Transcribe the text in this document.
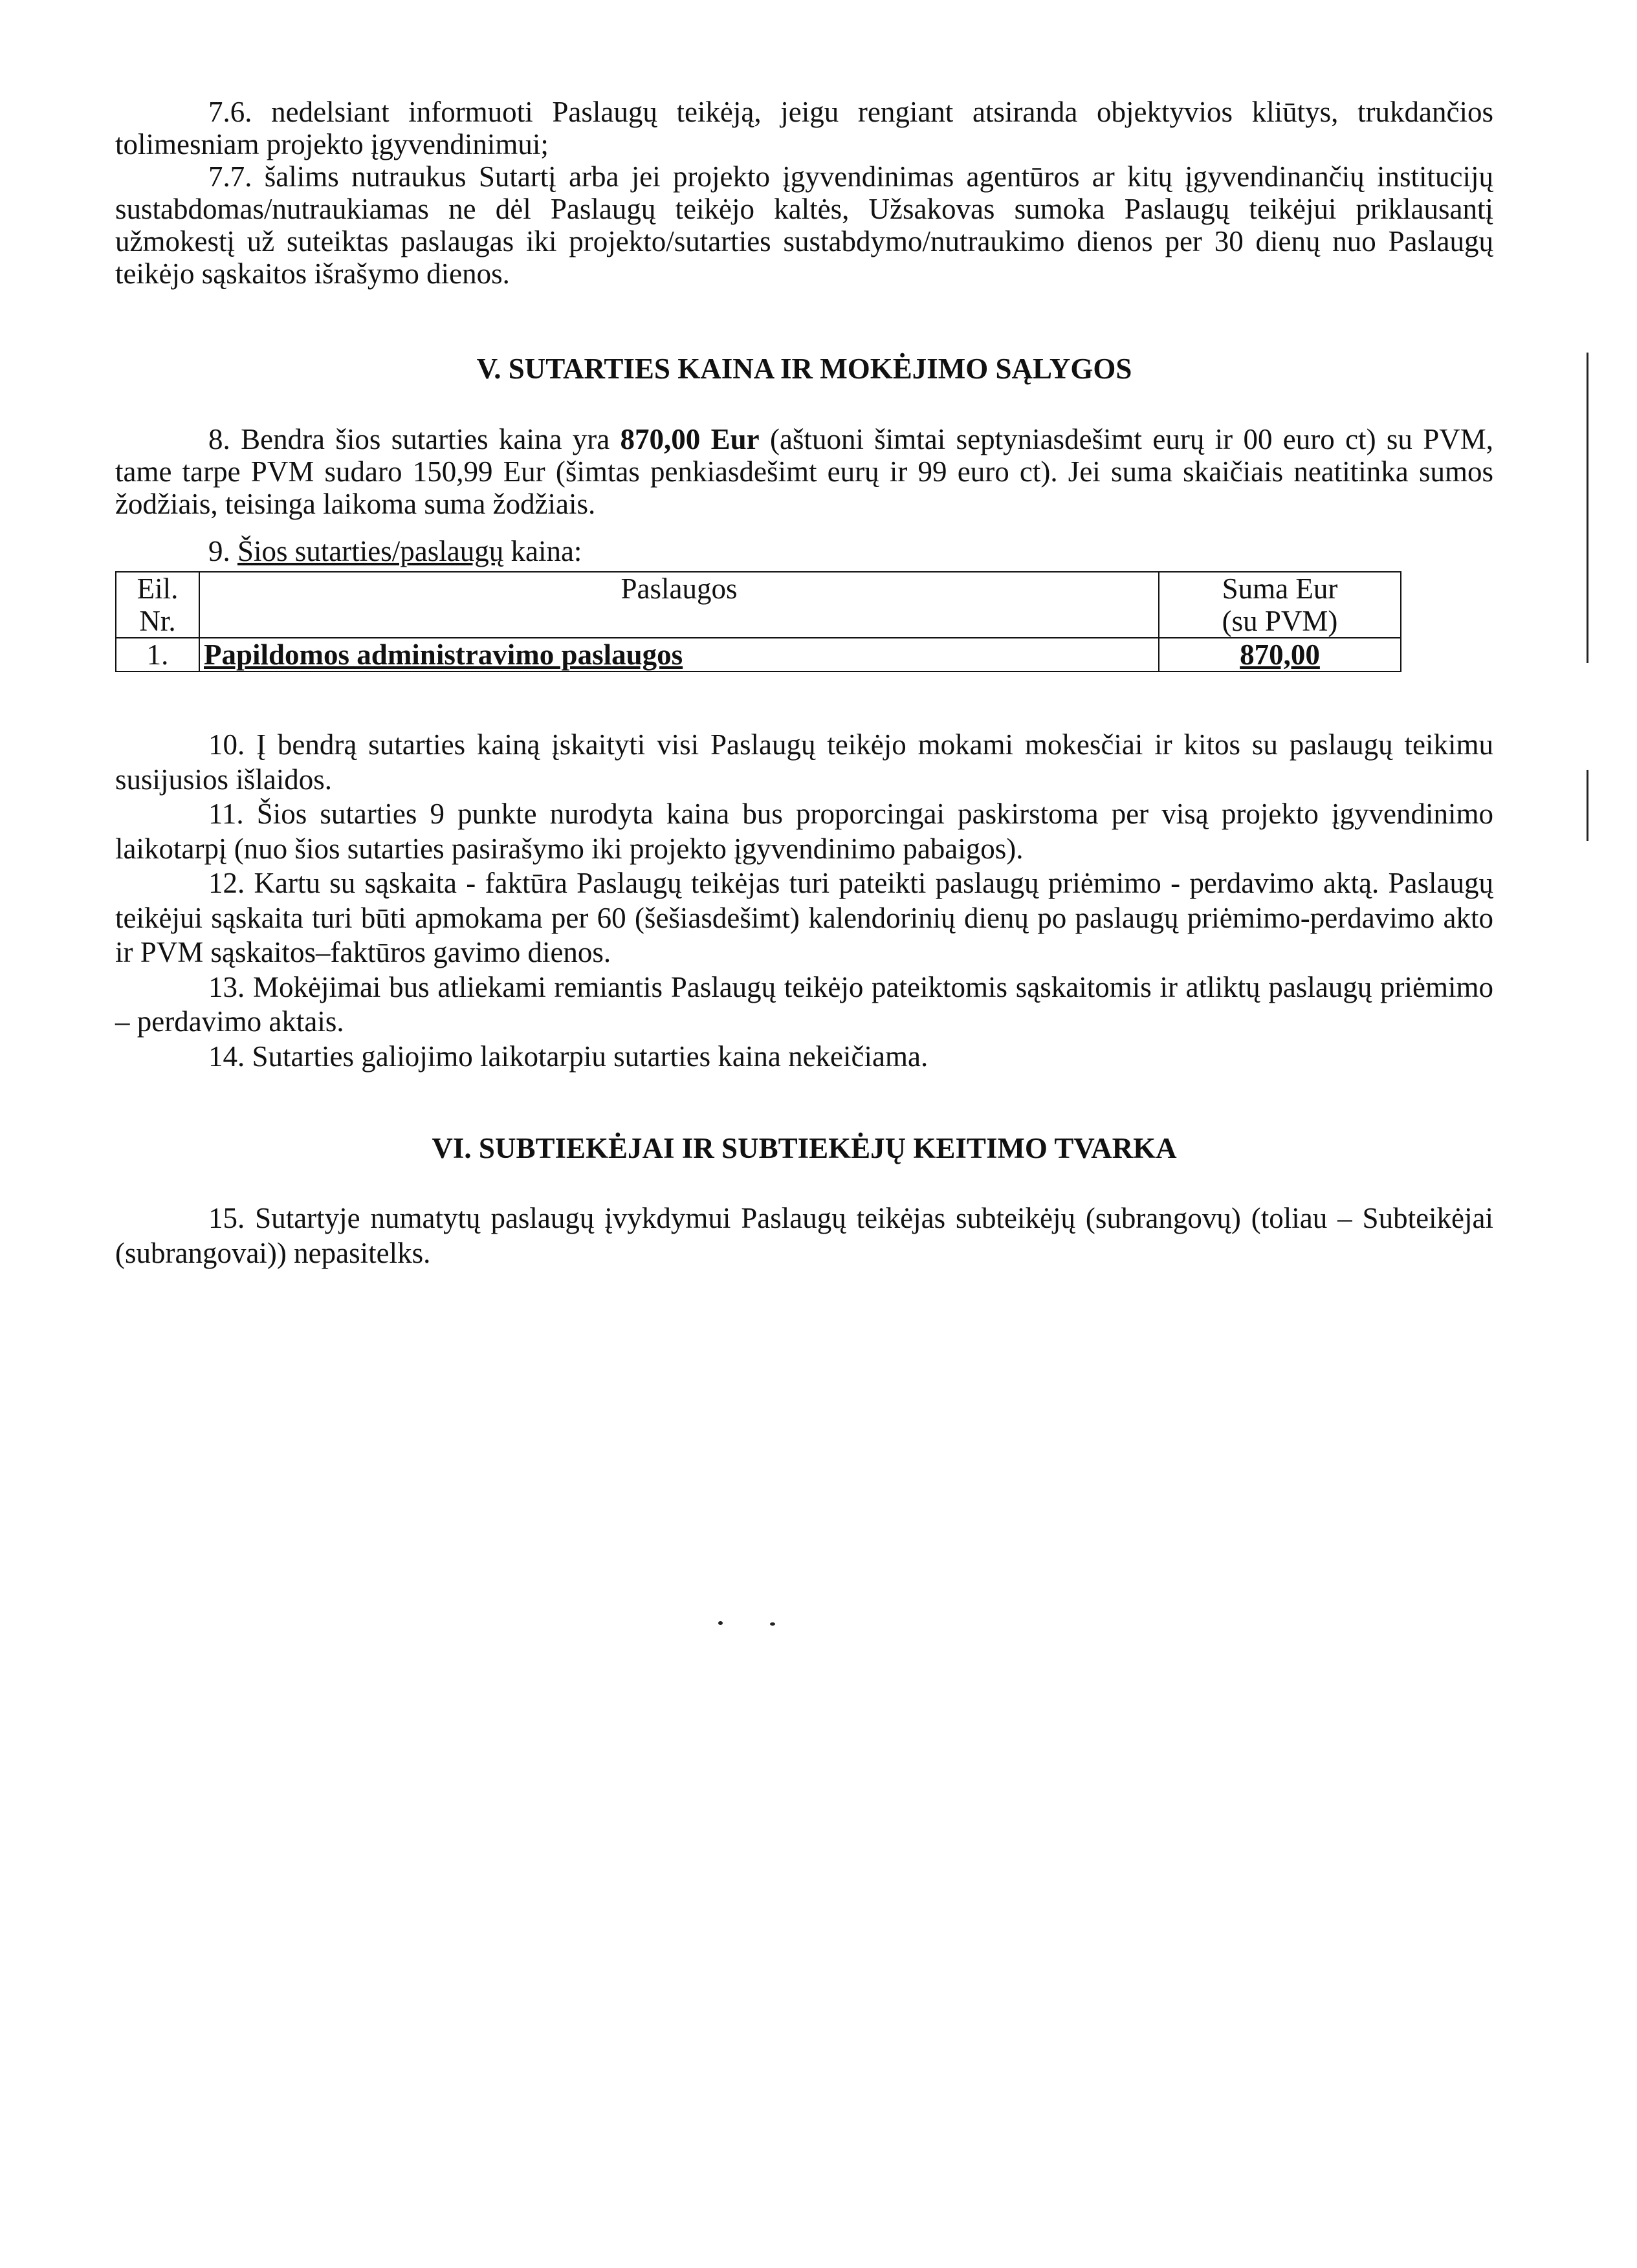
7.6. nedelsiant informuoti Paslaugų teikėją, jeigu rengiant atsiranda objektyvios kliūtys, trukdančios tolimesniam projekto įgyvendinimui;

7.7. šalims nutraukus Sutartį arba jei projekto įgyvendinimas agentūros ar kitų įgyvendinančių institucijų sustabdomas/nutraukiamas ne dėl Paslaugų teikėjo kaltės, Užsakovas sumoka Paslaugų teikėjui priklausantį užmokestį už suteiktas paslaugas iki projekto/sutarties sustabdymo/nutraukimo dienos per 30 dienų nuo Paslaugų teikėjo sąskaitos išrašymo dienos.

V. SUTARTIES KAINA IR MOKĖJIMO SĄLYGOS

8. Bendra šios sutarties kaina yra 870,00 Eur (aštuoni šimtai septyniasdešimt eurų ir 00 euro ct) su PVM, tame tarpe PVM sudaro 150,99 Eur (šimtas penkiasdešimt eurų ir 99 euro ct). Jei suma skaičiais neatitinka sumos žodžiais, teisinga laikoma suma žodžiais.

9. Šios sutarties/paslaugų kaina:

Eil.
Nr.	Paslaugos	Suma Eur
(su PVM)
1.	Papildomos administravimo paslaugos	870,00

10. Į bendrą sutarties kainą įskaityti visi Paslaugų teikėjo mokami mokesčiai ir kitos su paslaugų teikimu susijusios išlaidos.

11. Šios sutarties 9 punkte nurodyta kaina bus proporcingai paskirstoma per visą projekto įgyvendinimo laikotarpį (nuo šios sutarties pasirašymo iki projekto įgyvendinimo pabaigos).

12. Kartu su sąskaita - faktūra Paslaugų teikėjas turi pateikti paslaugų priėmimo - perdavimo aktą. Paslaugų teikėjui sąskaita turi būti apmokama per 60 (šešiasdešimt) kalendorinių dienų po paslaugų priėmimo-perdavimo akto ir PVM sąskaitos–faktūros gavimo dienos.

13. Mokėjimai bus atliekami remiantis Paslaugų teikėjo pateiktomis sąskaitomis ir atliktų paslaugų priėmimo – perdavimo aktais.

14. Sutarties galiojimo laikotarpiu sutarties kaina nekeičiama.

VI. SUBTIEKĖJAI IR SUBTIEKĖJŲ KEITIMO TVARKA

15. Sutartyje numatytų paslaugų įvykdymui Paslaugų teikėjas subteikėjų (subrangovų) (toliau – Subteikėjai (subrangovai)) nepasitelks.
